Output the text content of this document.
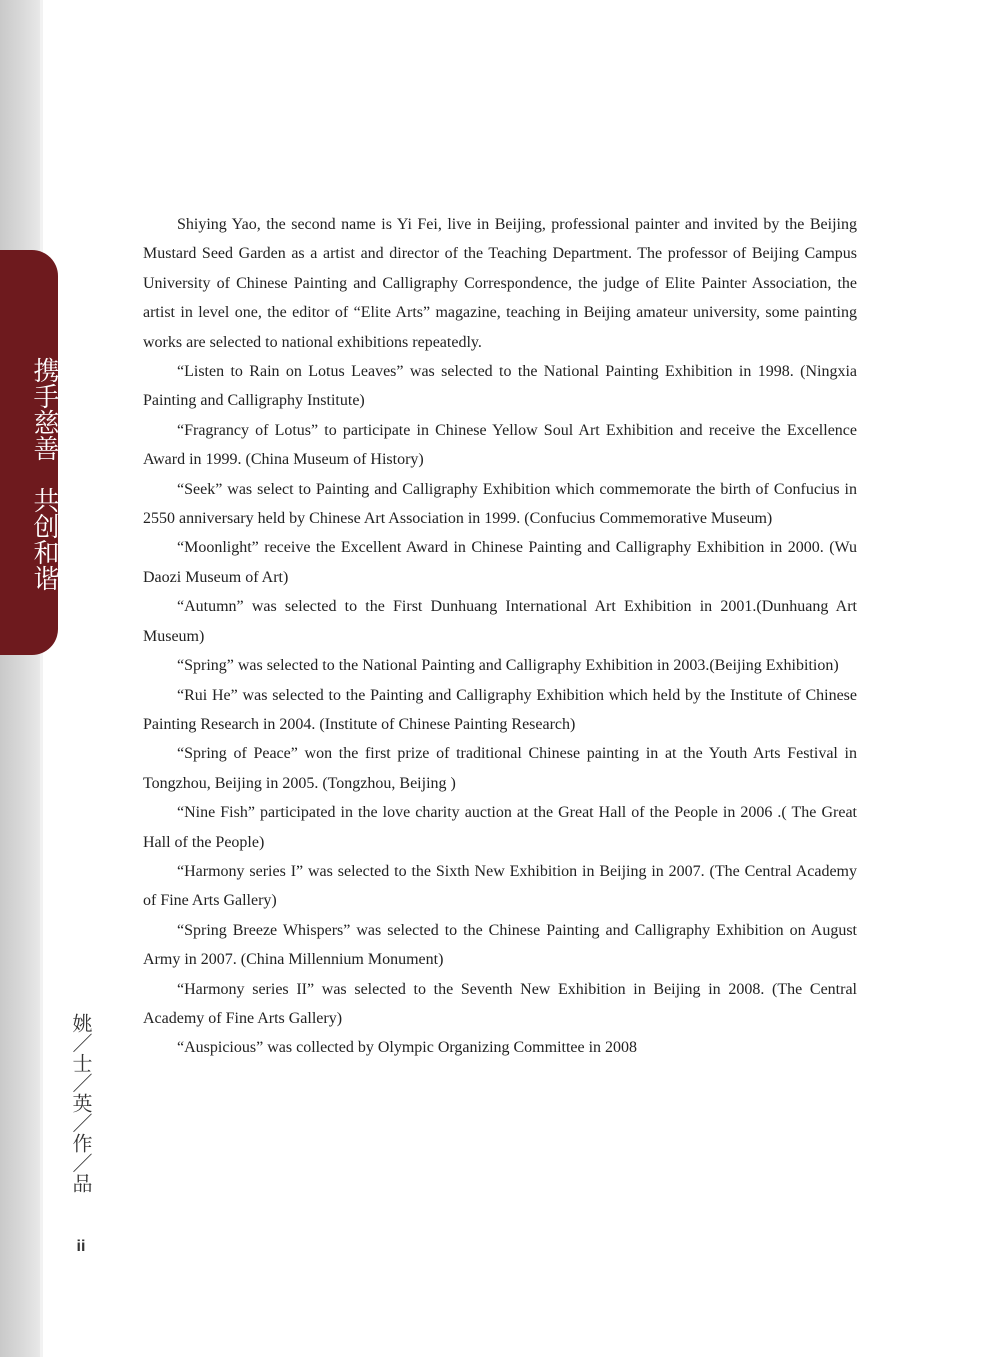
携手慈善　共创和谐
姚／士／英／作／品
ii

Shiying Yao, the second name is Yi Fei, live in Beijing, professional painter and invited by the Beijing Mustard Seed Garden as a artist and director of the Teaching Department. The professor of Beijing Campus University of Chinese Painting and Calligraphy Correspondence, the judge of Elite Painter Association, the artist in level one, the editor of “Elite Arts” magazine, teaching in Beijing amateur university, some painting works are selected to national exhibitions repeatedly.

“Listen to Rain on Lotus Leaves” was selected to the National Painting Exhibition in 1998. (Ningxia Painting and Calligraphy Institute)

“Fragrancy of Lotus” to participate in Chinese Yellow Soul Art Exhibition and receive the Excellence Award in 1999. (China Museum of History)

“Seek” was select to Painting and Calligraphy Exhibition which commemorate the birth of Confucius in 2550 anniversary held by Chinese Art Association in 1999. (Confucius Commemorative Museum)

“Moonlight” receive the Excellent Award in Chinese Painting and Calligraphy Exhibition in 2000. (Wu Daozi Museum of Art)

“Autumn” was selected to the First Dunhuang International Art Exhibition in 2001.(Dunhuang Art Museum)

“Spring” was selected to the National Painting and Calligraphy Exhibition in 2003.(Beijing Exhibition)

“Rui He” was selected to the Painting and Calligraphy Exhibition which held by the Institute of Chinese Painting Research in 2004. (Institute of Chinese Painting Research)

“Spring of Peace” won the first prize of traditional Chinese painting in at the Youth Arts Festival in Tongzhou, Beijing in 2005. (Tongzhou, Beijing )

“Nine Fish” participated in the love charity auction at the Great Hall of the People in 2006 .( The Great Hall of the People)

“Harmony series I” was selected to the Sixth New Exhibition in Beijing in 2007. (The Central Academy of Fine Arts Gallery)

“Spring Breeze Whispers” was selected to the Chinese Painting and Calligraphy Exhibition on August Army in 2007. (China Millennium Monument)

“Harmony series II” was selected to the Seventh New Exhibition in Beijing in 2008. (The Central Academy of Fine Arts Gallery)

“Auspicious” was collected by Olympic Organizing Committee in 2008
